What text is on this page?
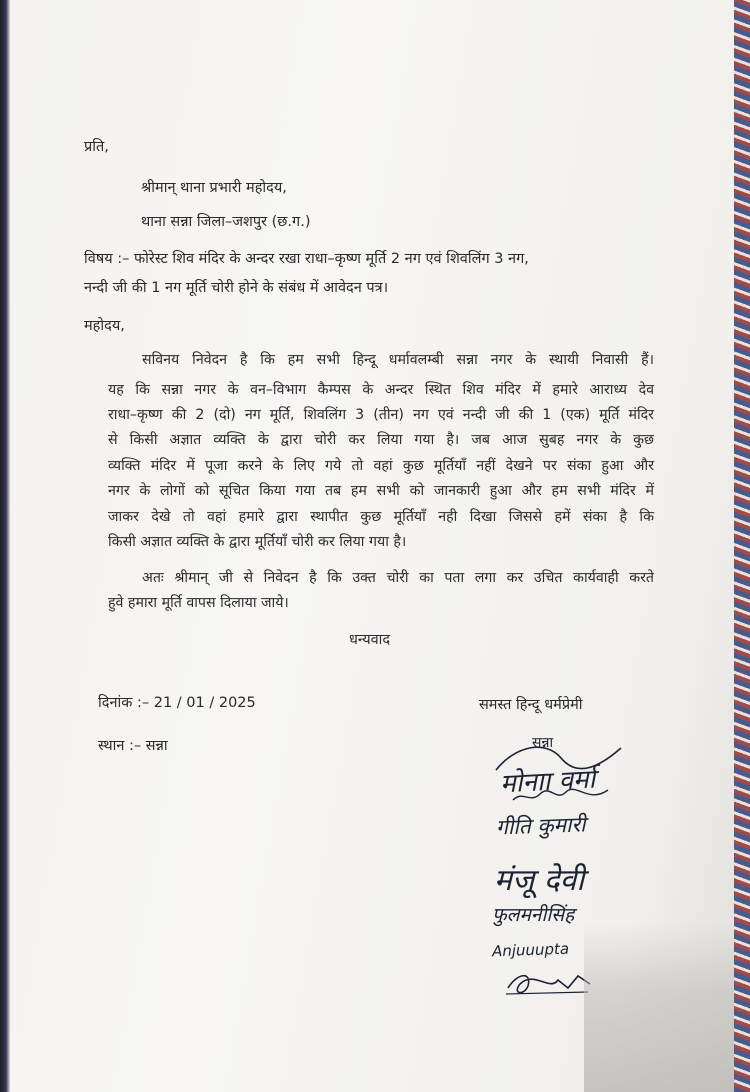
प्रति,
श्रीमान् थाना प्रभारी महोदय,
थाना सन्ना जिला–जशपुर (छ.ग.)
विषय :– फोरेस्ट शिव मंदिर के अन्दर रखा राधा–कृष्ण मूर्ति 2 नग एवं शिवलिंग 3 नग,
नन्दी जी की 1 नग मूर्ति चोरी होने के संबंध में आवेदन पत्र।
महोदय,
सविनय निवेदन है कि हम सभी हिन्दू धर्मावलम्बी सन्ना नगर के स्थायी निवासी हैं।
यह कि सन्ना नगर के वन–विभाग कैम्पस के अन्दर स्थित शिव मंदिर में हमारे आराध्य देव
राधा–कृष्ण की 2 (दो) नग मूर्ति, शिवलिंग 3 (तीन) नग एवं नन्दी जी की 1 (एक) मूर्ति मंदिर
से किसी अज्ञात व्यक्ति के द्वारा चोरी कर लिया गया है। जब आज सुबह नगर के कुछ
व्यक्ति मंदिर में पूजा करने के लिए गये तो वहां कुछ मूर्तियॉं नहीं देखने पर संका हुआ और
नगर के लोगों को सूचित किया गया तब हम सभी को जानकारी हुआ और हम सभी मंदिर में
जाकर देखे तो वहां हमारे द्वारा स्थापीत कुछ मूर्तियॉं नही दिखा जिससे हमें संका है कि
किसी अज्ञात व्यक्ति के द्वारा मूर्तियॉं चोरी कर लिया गया है।
अतः श्रीमान् जी से निवेदन है कि उक्त चोरी का पता लगा कर उचित कार्यवाही करते
हुवे हमारा मूर्ति वापस दिलाया जाये।
धन्यवाद
दिनांक :– 21 / 01 / 2025
स्थान :– सन्ना
समस्त हिन्दू धर्मप्रेमी
सन्ना
मोनाा वर्मा
गीति कुमारी
मंजू देवी
फुलमनीसिंह
Anjuuupta
